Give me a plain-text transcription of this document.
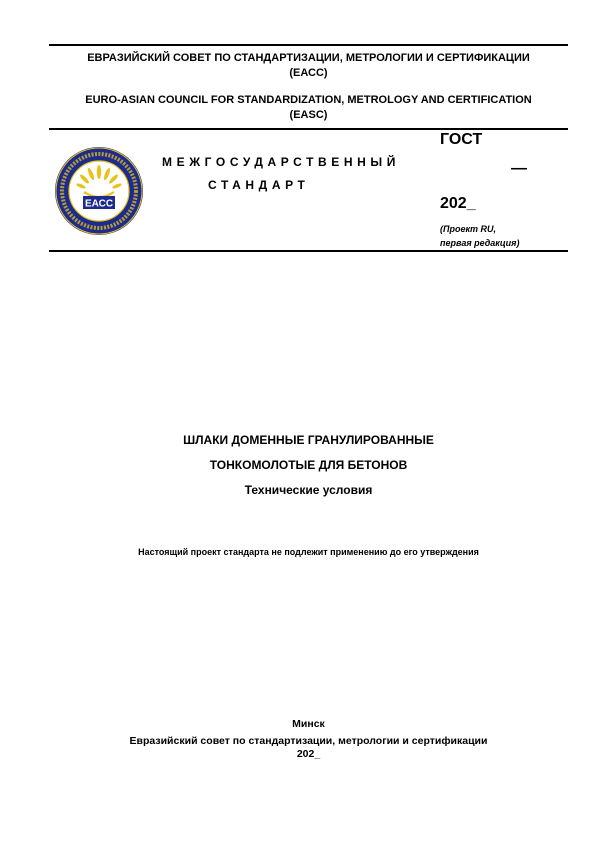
ЕВРАЗИЙСКИЙ СОВЕТ ПО СТАНДАРТИЗАЦИИ, МЕТРОЛОГИИ И СЕРТИФИКАЦИИ
(ЕАСС)
EURO-ASIAN COUNCIL FOR STANDARDIZATION, METROLOGY AND CERTIFICATION
(EASC)
ЕАСС
МЕЖГОСУДАРСТВЕННЫЙ
СТАНДАРТ
ГОСТ
—
202_
(Проект RU,
первая редакция)
ШЛАКИ ДОМЕННЫЕ ГРАНУЛИРОВАННЫЕ
ТОНКОМОЛОТЫЕ ДЛЯ БЕТОНОВ
Технические условия
Настоящий проект стандарта не подлежит применению до его утверждения
Минск
Евразийский совет по стандартизации, метрологии и сертификации
202_
